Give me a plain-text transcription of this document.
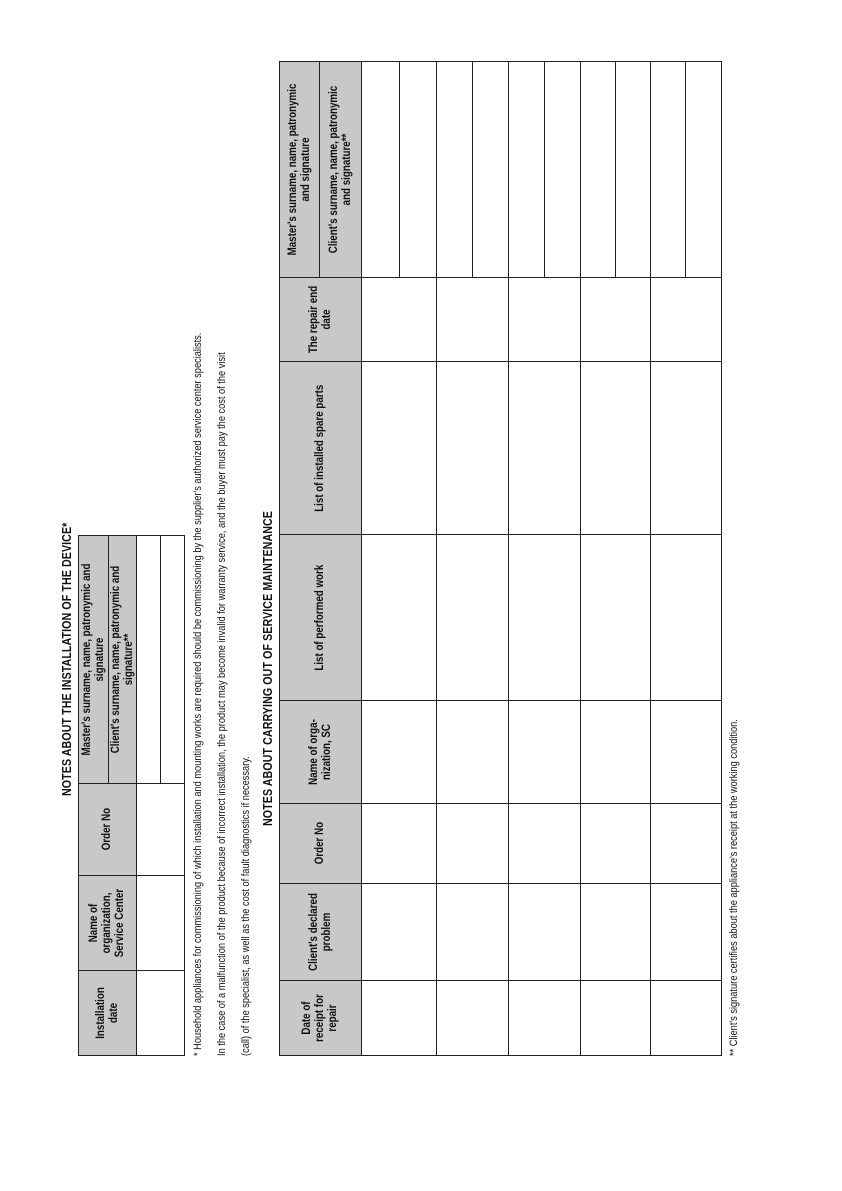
NOTES ABOUT THE INSTALLATION OF THE DEVICE*
Installation date	Name of organization, Service Center	Order No	Master's surname, name, patronymic and signature
			Client's surname, name, patronymic and signature**
				* Household appliances for commissioning of which installation and mounting works are required should be commissioning by the supplier's authorized service center specialists. In the case of a malfunction of the product because of incorrect installation, the product may become invalid for warranty service, and the buyer must pay the cost of the visit (call) of the specialist, as well as the cost of fault diagnostics if necessary.
NOTES ABOUT CARRYING OUT OF SERVICE MAINTENANCE
Date of receipt for repair	Client's declared problem	Order No	Name of orga-nization, SC	List of performed work	List of installed spare parts	The repair end date	Master's surname, name, patronymic and signature
							Client's surname, name, patronymic and signature**

** Client's signature certifies about the appliance's receipt at the working condition.
